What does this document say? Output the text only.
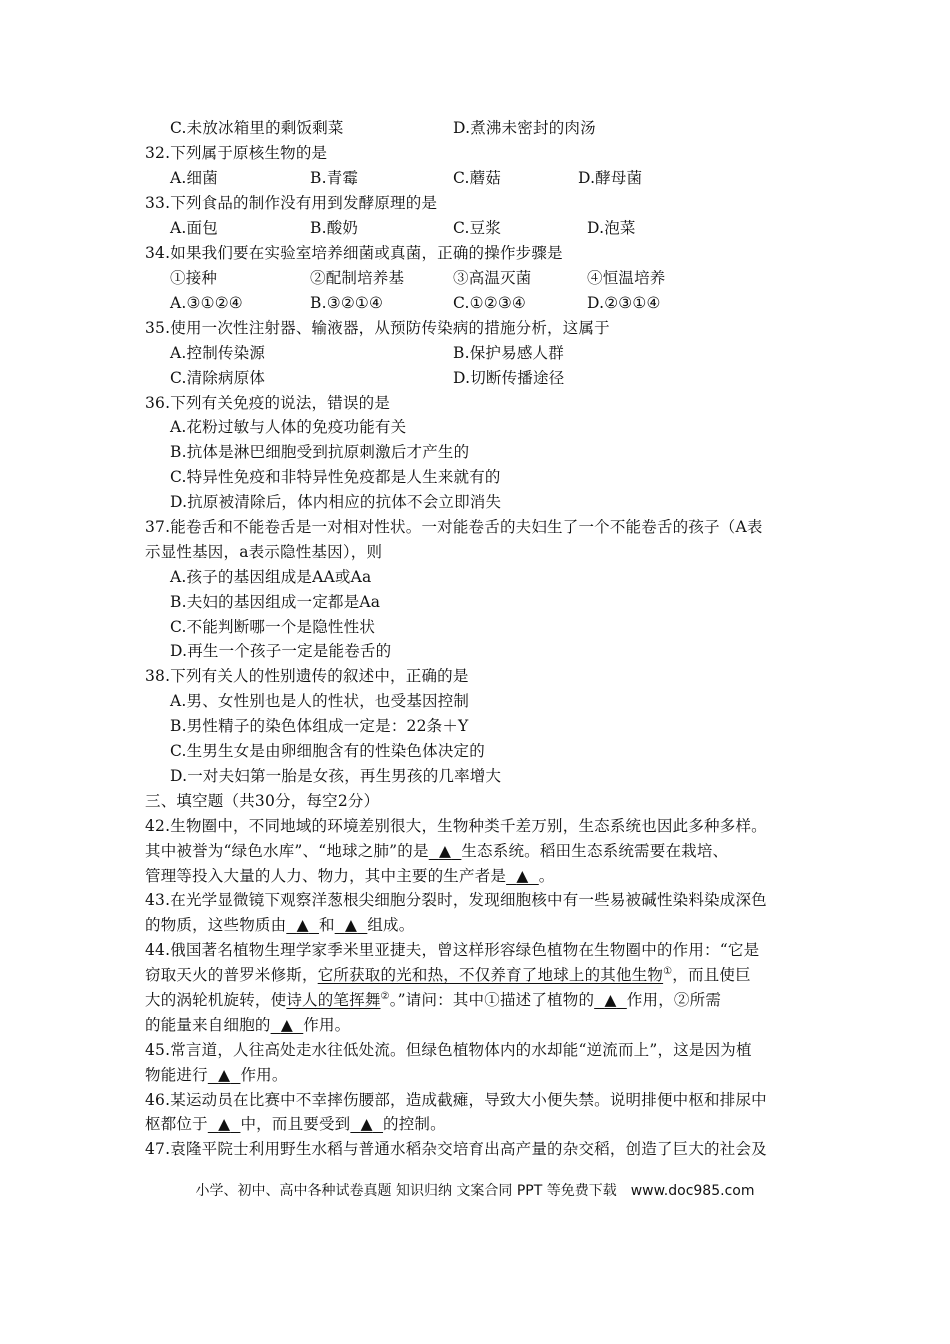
C.未放冰箱里的剩饭剩菜	D.煮沸未密封的肉汤
32.下列属于原核生物的是
A.细菌	B.青霉	C.蘑菇	D.酵母菌
33.下列食品的制作没有用到发酵原理的是
A.面包	B.酸奶	C.豆浆	D.泡菜
34.如果我们要在实验室培养细菌或真菌，正确的操作步骤是
①接种	②配制培养基	③高温灭菌	④恒温培养
A.③①②④	B.③②①④	C.①②③④	D.②③①④
35.使用一次性注射器、输液器，从预防传染病的措施分析，这属于
A.控制传染源	B.保护易感人群
C.清除病原体	D.切断传播途径
36.下列有关免疫的说法，错误的是
A.花粉过敏与人体的免疫功能有关
B.抗体是淋巴细胞受到抗原刺激后才产生的
C.特异性免疫和非特异性免疫都是人生来就有的
D.抗原被清除后，体内相应的抗体不会立即消失
37.能卷舌和不能卷舌是一对相对性状。一对能卷舌的夫妇生了一个不能卷舌的孩子（A表
示显性基因，a表示隐性基因），则
A.孩子的基因组成是AA或Aa
B.夫妇的基因组成一定都是Aa
C.不能判断哪一个是隐性性状
D.再生一个孩子一定是能卷舌的
38.下列有关人的性别遗传的叙述中，正确的是
A.男、女性别也是人的性状，也受基因控制
B.男性精子的染色体组成一定是：22条＋Y
C.生男生女是由卵细胞含有的性染色体决定的
D.一对夫妇第一胎是女孩，再生男孩的几率增大
三、填空题（共30分，每空2分）
42.生物圈中，不同地域的环境差别很大，生物种类千差万别，生态系统也因此多种多样。
其中被誉为“绿色水库”、“地球之肺”的是 ▲ 生态系统。稻田生态系统需要在栽培、
管理等投入大量的人力、物力，其中主要的生产者是 ▲ 。
43.在光学显微镜下观察洋葱根尖细胞分裂时，发现细胞核中有一些易被碱性染料染成深色
的物质，这些物质由 ▲ 和 ▲ 组成。
44.俄国著名植物生理学家季米里亚捷夫，曾这样形容绿色植物在生物圈中的作用：“它是
窃取天火的普罗米修斯，它所获取的光和热，不仅养育了地球上的其他生物①，而且使巨
大的涡轮机旋转，使诗人的笔挥舞②。”请问：其中①描述了植物的 ▲ 作用，②所需
的能量来自细胞的 ▲ 作用。
45.常言道，人往高处走水往低处流。但绿色植物体内的水却能“逆流而上”，这是因为植
物能进行 ▲ 作用。
46.某运动员在比赛中不幸摔伤腰部，造成截瘫，导致大小便失禁。说明排便中枢和排尿中
枢都位于 ▲ 中，而且要受到 ▲ 的控制。
47.袁隆平院士利用野生水稻与普通水稻杂交培育出高产量的杂交稻，创造了巨大的社会及
小学、初中、高中各种试卷真题 知识归纳 文案合同 PPT 等免费下载　www.doc985.com
